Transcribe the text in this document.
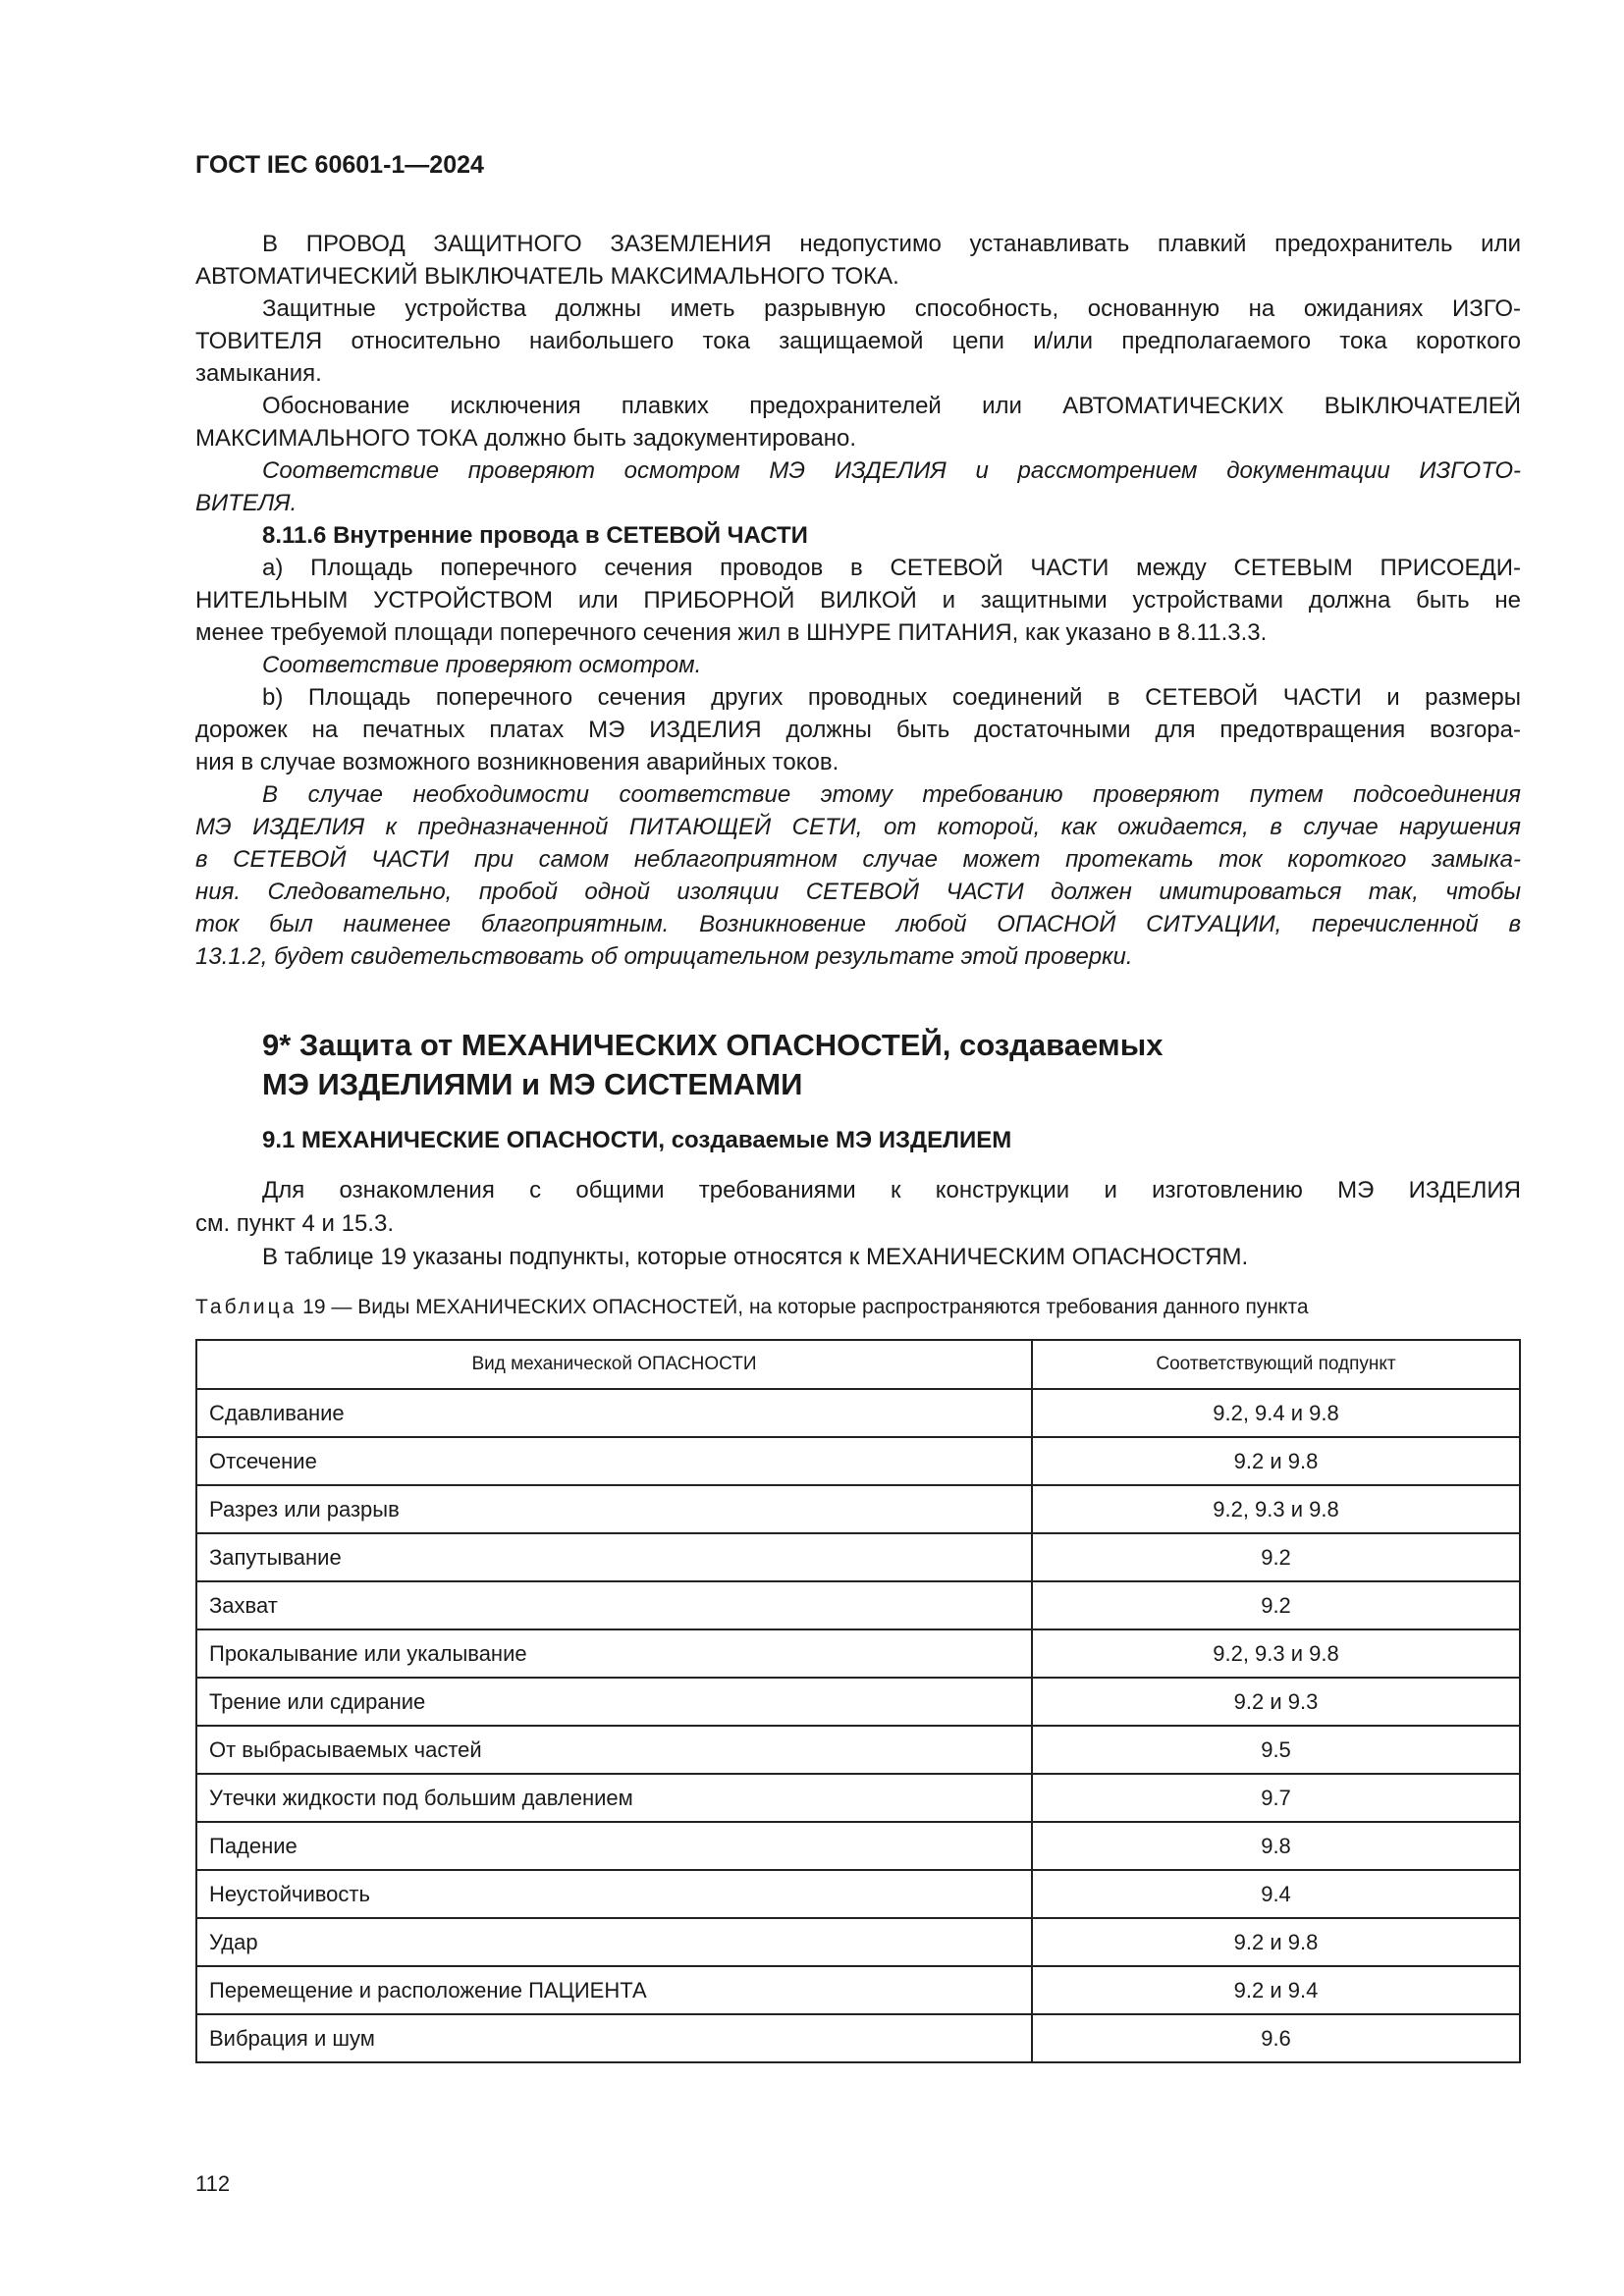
ГОСТ IEC 60601-1—2024
В ПРОВОД ЗАЩИТНОГО ЗАЗЕМЛЕНИЯ недопустимо устанавливать плавкий предохранитель или
АВТОМАТИЧЕСКИЙ ВЫКЛЮЧАТЕЛЬ МАКСИМАЛЬНОГО ТОКА.
Защитные устройства должны иметь разрывную способность, основанную на ожиданиях ИЗГО-
ТОВИТЕЛЯ относительно наибольшего тока защищаемой цепи и/или предполагаемого тока короткого
замыкания.
Обоснование исключения плавких предохранителей или АВТОМАТИЧЕСКИХ ВЫКЛЮЧАТЕЛЕЙ
МАКСИМАЛЬНОГО ТОКА должно быть задокументировано.
Соответствие проверяют осмотром МЭ ИЗДЕЛИЯ и рассмотрением документации ИЗГОТО-
ВИТЕЛЯ.
8.11.6 Внутренние провода в СЕТЕВОЙ ЧАСТИ
a) Площадь поперечного сечения проводов в СЕТЕВОЙ ЧАСТИ между СЕТЕВЫМ ПРИСОЕДИ-
НИТЕЛЬНЫМ УСТРОЙСТВОМ или ПРИБОРНОЙ ВИЛКОЙ и защитными устройствами должна быть не
менее требуемой площади поперечного сечения жил в ШНУРЕ ПИТАНИЯ, как указано в 8.11.3.3.
Соответствие проверяют осмотром.
b) Площадь поперечного сечения других проводных соединений в СЕТЕВОЙ ЧАСТИ и размеры
дорожек на печатных платах МЭ ИЗДЕЛИЯ должны быть достаточными для предотвращения возгора-
ния в случае возможного возникновения аварийных токов.
В случае необходимости соответствие этому требованию проверяют путем подсоединения
МЭ ИЗДЕЛИЯ к предназначенной ПИТАЮЩЕЙ СЕТИ, от которой, как ожидается, в случае нарушения
в СЕТЕВОЙ ЧАСТИ при самом неблагоприятном случае может протекать ток короткого замыка-
ния. Следовательно, пробой одной изоляции СЕТЕВОЙ ЧАСТИ должен имитироваться так, чтобы
ток был наименее благоприятным. Возникновение любой ОПАСНОЙ СИТУАЦИИ, перечисленной в
13.1.2, будет свидетельствовать об отрицательном результате этой проверки.
9* Защита от МЕХАНИЧЕСКИХ ОПАСНОСТЕЙ, создаваемых
МЭ ИЗДЕЛИЯМИ и МЭ СИСТЕМАМИ
9.1 МЕХАНИЧЕСКИЕ ОПАСНОСТИ, создаваемые МЭ ИЗДЕЛИЕМ
Для ознакомления с общими требованиями к конструкции и изготовлению МЭ ИЗДЕЛИЯ
см. пункт 4 и 15.3.
В таблице 19 указаны подпункты, которые относятся к МЕХАНИЧЕСКИМ ОПАСНОСТЯМ.
Таблица 19 — Виды МЕХАНИЧЕСКИХ ОПАСНОСТЕЙ, на которые распространяются требования данного пункта
Вид механической ОПАСНОСТИ	Соответствующий подпункт
Сдавливание	9.2, 9.4 и 9.8
Отсечение	9.2 и 9.8
Разрез или разрыв	9.2, 9.3 и 9.8
Запутывание	9.2
Захват	9.2
Прокалывание или укалывание	9.2, 9.3 и 9.8
Трение или сдирание	9.2 и 9.3
От выбрасываемых частей	9.5
Утечки жидкости под большим давлением	9.7
Падение	9.8
Неустойчивость	9.4
Удар	9.2 и 9.8
Перемещение и расположение ПАЦИЕНТА	9.2 и 9.4
Вибрация и шум	9.6
112
